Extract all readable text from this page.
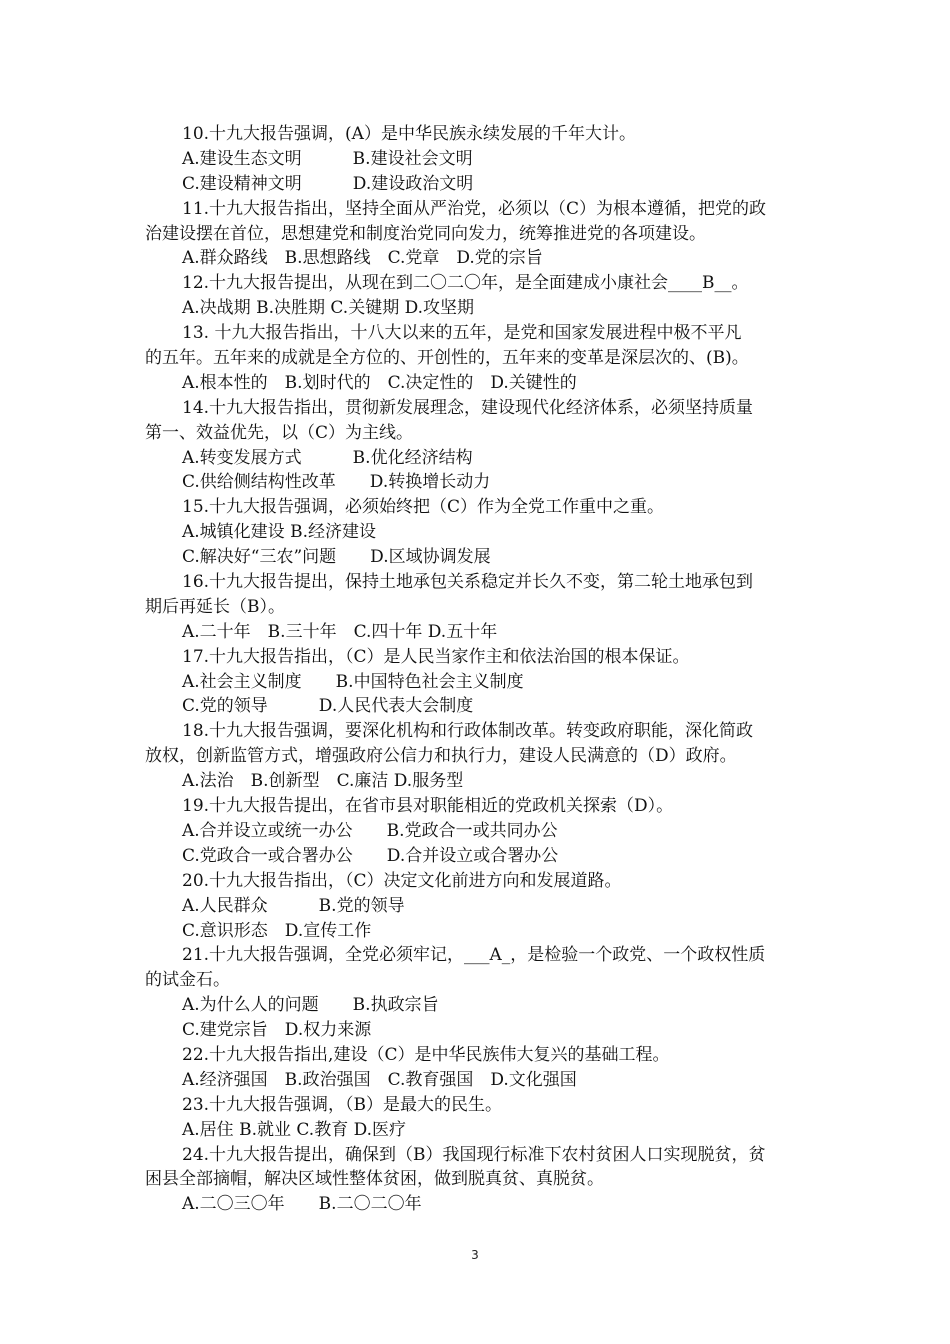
10.十九大报告强调，(A）是中华民族永续发展的千年大计。
A.建设生态文明　　　B.建设社会文明
C.建设精神文明　　　D.建设政治文明
11.十九大报告指出，坚持全面从严治党，必须以（C）为根本遵循，把党的政
治建设摆在首位，思想建党和制度治党同向发力，统筹推进党的各项建设。
A.群众路线　B.思想路线　C.党章　D.党的宗旨
12.十九大报告提出，从现在到二〇二〇年，是全面建成小康社会____B__。
A.决战期 B.决胜期 C.关键期 D.攻坚期
13. 十九大报告指出，十八大以来的五年，是党和国家发展进程中极不平凡
的五年。五年来的成就是全方位的、开创性的，五年来的变革是深层次的、(B)。
A.根本性的　B.划时代的　C.决定性的　D.关键性的
14.十九大报告指出，贯彻新发展理念，建设现代化经济体系，必须坚持质量
第一、效益优先，以（C）为主线。
A.转变发展方式　　　B.优化经济结构
C.供给侧结构性改革　　D.转换增长动力
15.十九大报告强调，必须始终把（C）作为全党工作重中之重。
A.城镇化建设 B.经济建设
C.解决好“三农”问题　　D.区域协调发展
16.十九大报告提出，保持土地承包关系稳定并长久不变，第二轮土地承包到
期后再延长（B）。
A.二十年　B.三十年　C.四十年 D.五十年
17.十九大报告指出，（C）是人民当家作主和依法治国的根本保证。
A.社会主义制度　　B.中国特色社会主义制度
C.党的领导　　　D.人民代表大会制度
18.十九大报告强调，要深化机构和行政体制改革。转变政府职能，深化简政
放权，创新监管方式，增强政府公信力和执行力，建设人民满意的（D）政府。
A.法治　B.创新型　C.廉洁 D.服务型
19.十九大报告提出，在省市县对职能相近的党政机关探索（D）。
A.合并设立或统一办公　　B.党政合一或共同办公
C.党政合一或合署办公　　D.合并设立或合署办公
20.十九大报告指出，（C）决定文化前进方向和发展道路。
A.人民群众　　　B.党的领导
C.意识形态　D.宣传工作
21.十九大报告强调，全党必须牢记，___A_，是检验一个政党、一个政权性质
的试金石。
A.为什么人的问题　　B.执政宗旨
C.建党宗旨　D.权力来源
22.十九大报告指出,建设（C）是中华民族伟大复兴的基础工程。
A.经济强国　B.政治强国　C.教育强国　D.文化强国
23.十九大报告强调，（B）是最大的民生。
A.居住 B.就业 C.教育 D.医疗
24.十九大报告提出，确保到（B）我国现行标准下农村贫困人口实现脱贫，贫
困县全部摘帽，解决区域性整体贫困，做到脱真贫、真脱贫。
A.二〇三〇年　　B.二〇二〇年
3
